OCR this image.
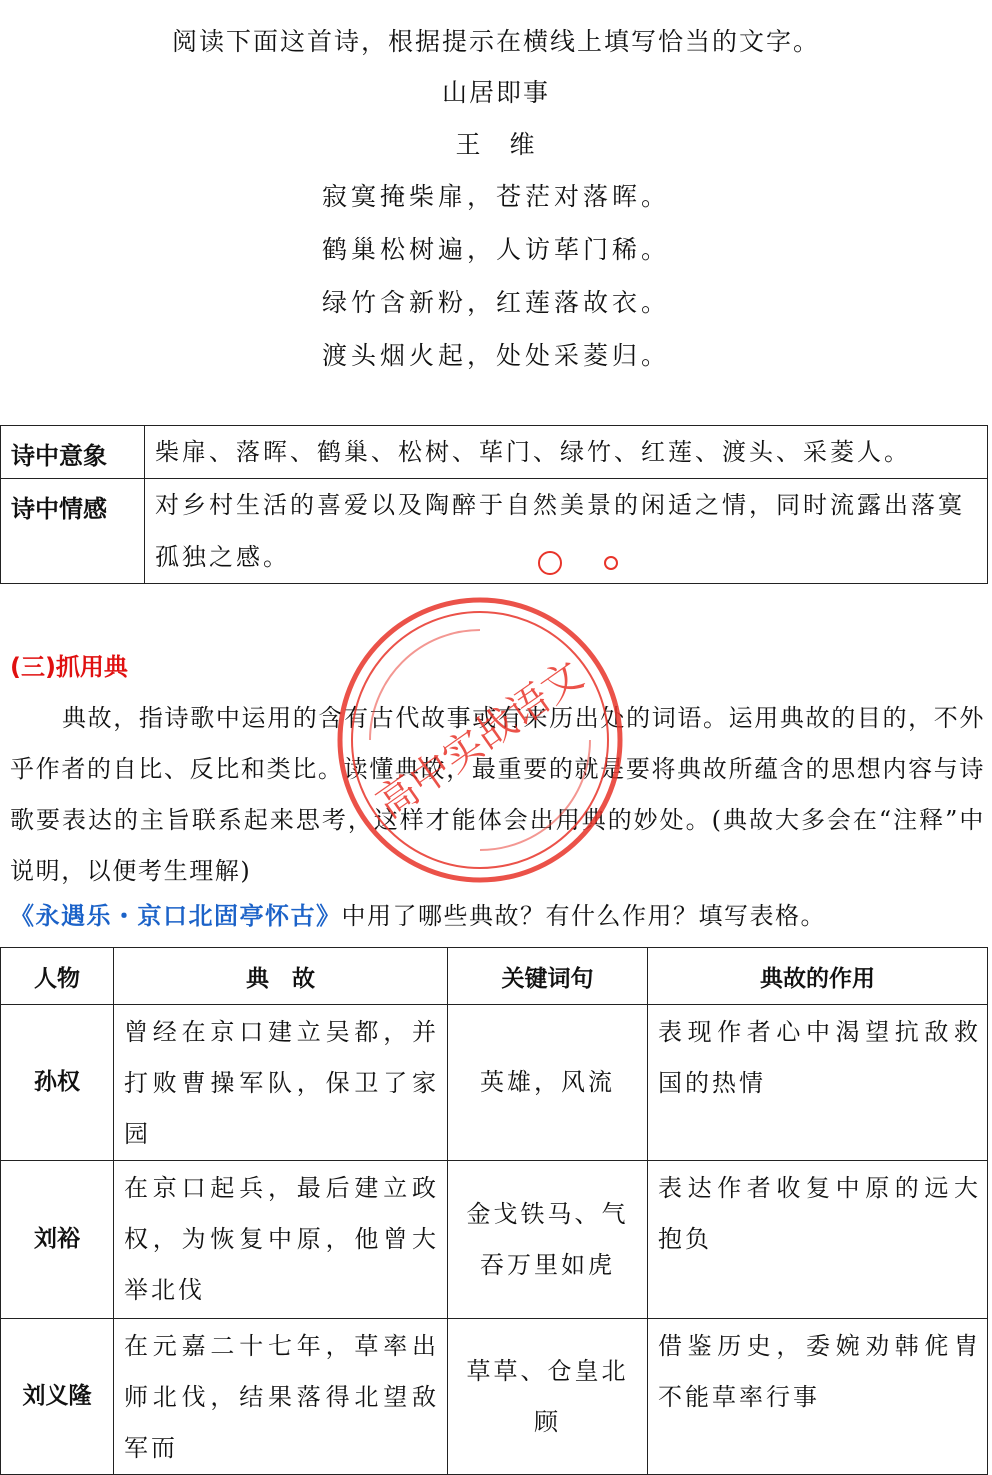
阅读下面这首诗，根据提示在横线上填写恰当的文字。
山居即事
王　维
寂寞掩柴扉，苍茫对落晖。
鹤巢松树遍，人访荜门稀。
绿竹含新粉，红莲落故衣。
渡头烟火起，处处采菱归。
诗中意象	柴扉、落晖、鹤巢、松树、荜门、绿竹、红莲、渡头、采菱人。
诗中情感	对乡村生活的喜爱以及陶醉于自然美景的闲适之情，同时流露出落寞孤独之感。
(三)抓用典
典故，指诗歌中运用的含有古代故事或有来历出处的词语。运用典故的目的，不外乎作者的自比、反比和类比。读懂典故，最重要的就是要将典故所蕴含的思想内容与诗歌要表达的主旨联系起来思考，这样才能体会出用典的妙处。(典故大多会在“注释”中说明，以便考生理解)
《永遇乐・京口北固亭怀古》中用了哪些典故？有什么作用？填写表格。
人物	典　故	关键词句	典故的作用
孙权	曾经在京口建立吴都，并打败曹操军队，保卫了家园	英雄，风流	表现作者心中渴望抗敌救国的热情
刘裕	在京口起兵，最后建立政权，为恢复中原，他曾大举北伐	金戈铁马、气吞万里如虎	表达作者收复中原的远大抱负
刘义隆	在元嘉二十七年，草率出师北伐，结果落得北望敌军而	草草、仓皇北顾	借鉴历史，委婉劝韩侂胄不能草率行事
高中实战语文
